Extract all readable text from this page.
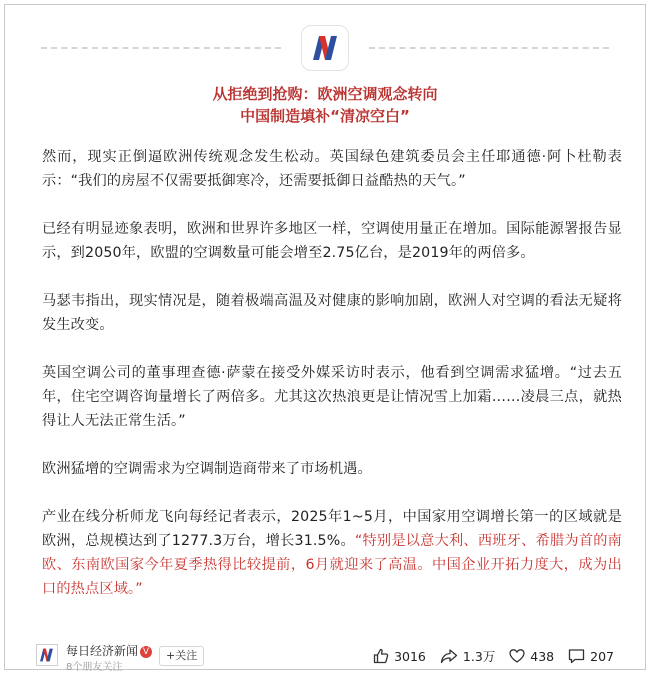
从拒绝到抢购：欧洲空调观念转向
中国制造填补“清凉空白”

然而，现实正倒逼欧洲传统观念发生松动。英国绿色建筑委员会主任耶通德·阿卜杜勒表示：“我们的房屋不仅需要抵御寒冷，还需要抵御日益酷热的天气。”

已经有明显迹象表明，欧洲和世界许多地区一样，空调使用量正在增加。国际能源署报告显示，到2050年，欧盟的空调数量可能会增至2.75亿台，是2019年的两倍多。

马瑟韦指出，现实情况是，随着极端高温及对健康的影响加剧，欧洲人对空调的看法无疑将发生改变。

英国空调公司的董事理查德·萨蒙在接受外媒采访时表示，他看到空调需求猛增。“过去五年，住宅空调咨询量增长了两倍多。尤其这次热浪更是让情况雪上加霜……凌晨三点，就热得让人无法正常生活。”

欧洲猛增的空调需求为空调制造商带来了市场机遇。

产业在线分析师龙飞向每经记者表示，2025年1~5月，中国家用空调增长第一的区域就是欧洲，总规模达到了1277.3万台，增长31.5%。“特别是以意大利、西班牙、希腊为首的南欧、东南欧国家今年夏季热得比较提前，6月就迎来了高温。中国企业开拓力度大，成为出口的热点区域。”

每日经济新闻 V
8个朋友关注
+关注	3016	1.3万	438	207
